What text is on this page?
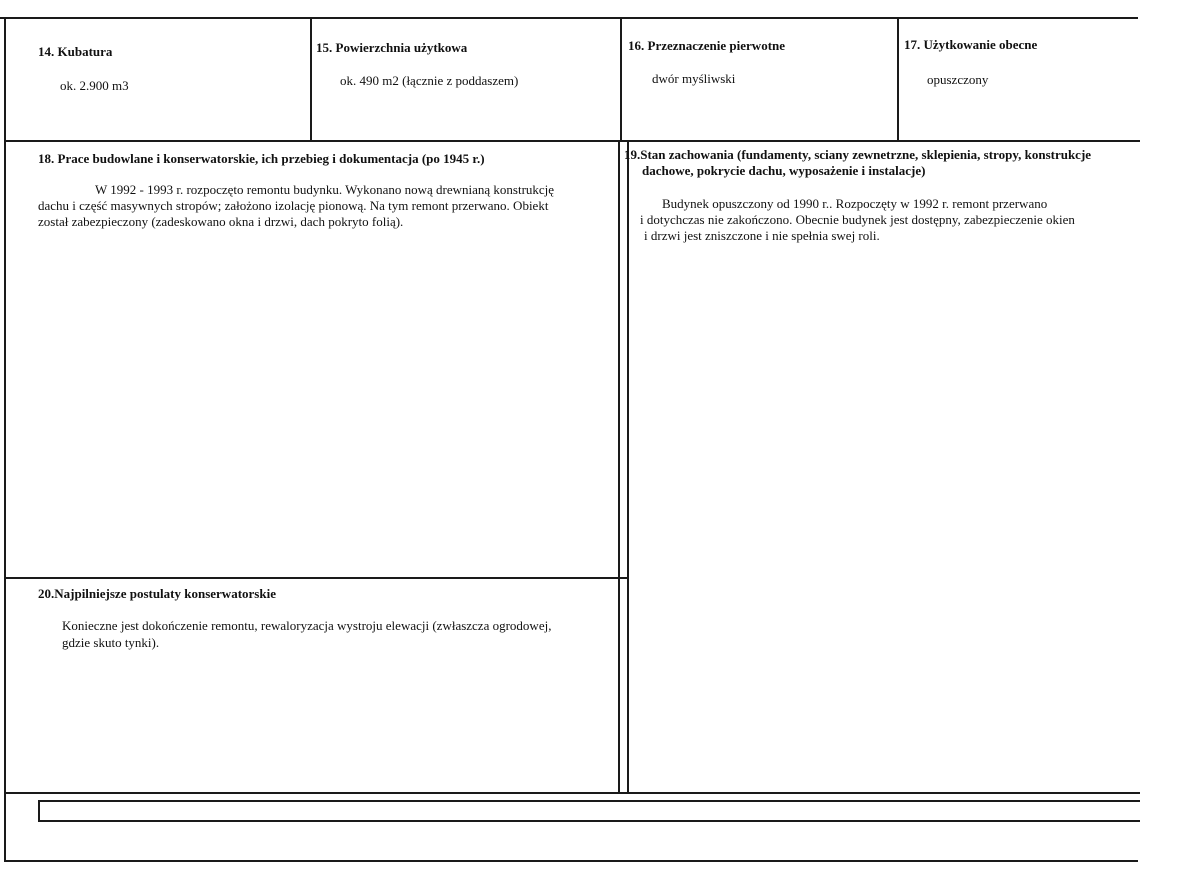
14. Kubatura
ok. 2.900 m3
15. Powierzchnia użytkowa
ok. 490 m2 (łącznie z poddaszem)
16. Przeznaczenie pierwotne
dwór myśliwski
17. Użytkowanie obecne
opuszczony
18. Prace budowlane i konserwatorskie, ich przebieg i dokumentacja (po 1945 r.)
W 1992 - 1993 r. rozpoczęto remontu budynku. Wykonano nową drewnianą konstrukcję
dachu i część masywnych stropów; założono izolację pionową. Na tym remont przerwano. Obiekt
został zabezpieczony (zadeskowano okna i drzwi, dach pokryto folią).
19.Stan zachowania (fundamenty, sciany zewnetrzne, sklepienia, stropy, konstrukcje
dachowe, pokrycie dachu, wyposażenie i instalacje)
Budynek opuszczony od 1990 r.. Rozpoczęty w 1992 r. remont przerwano
i dotychczas nie zakończono. Obecnie budynek jest dostępny, zabezpieczenie okien
i drzwi jest zniszczone i nie spełnia swej roli.
20.Najpilniejsze postulaty konserwatorskie
Konieczne jest dokończenie remontu, rewaloryzacja wystroju elewacji (zwłaszcza ogrodowej,
gdzie skuto tynki).
